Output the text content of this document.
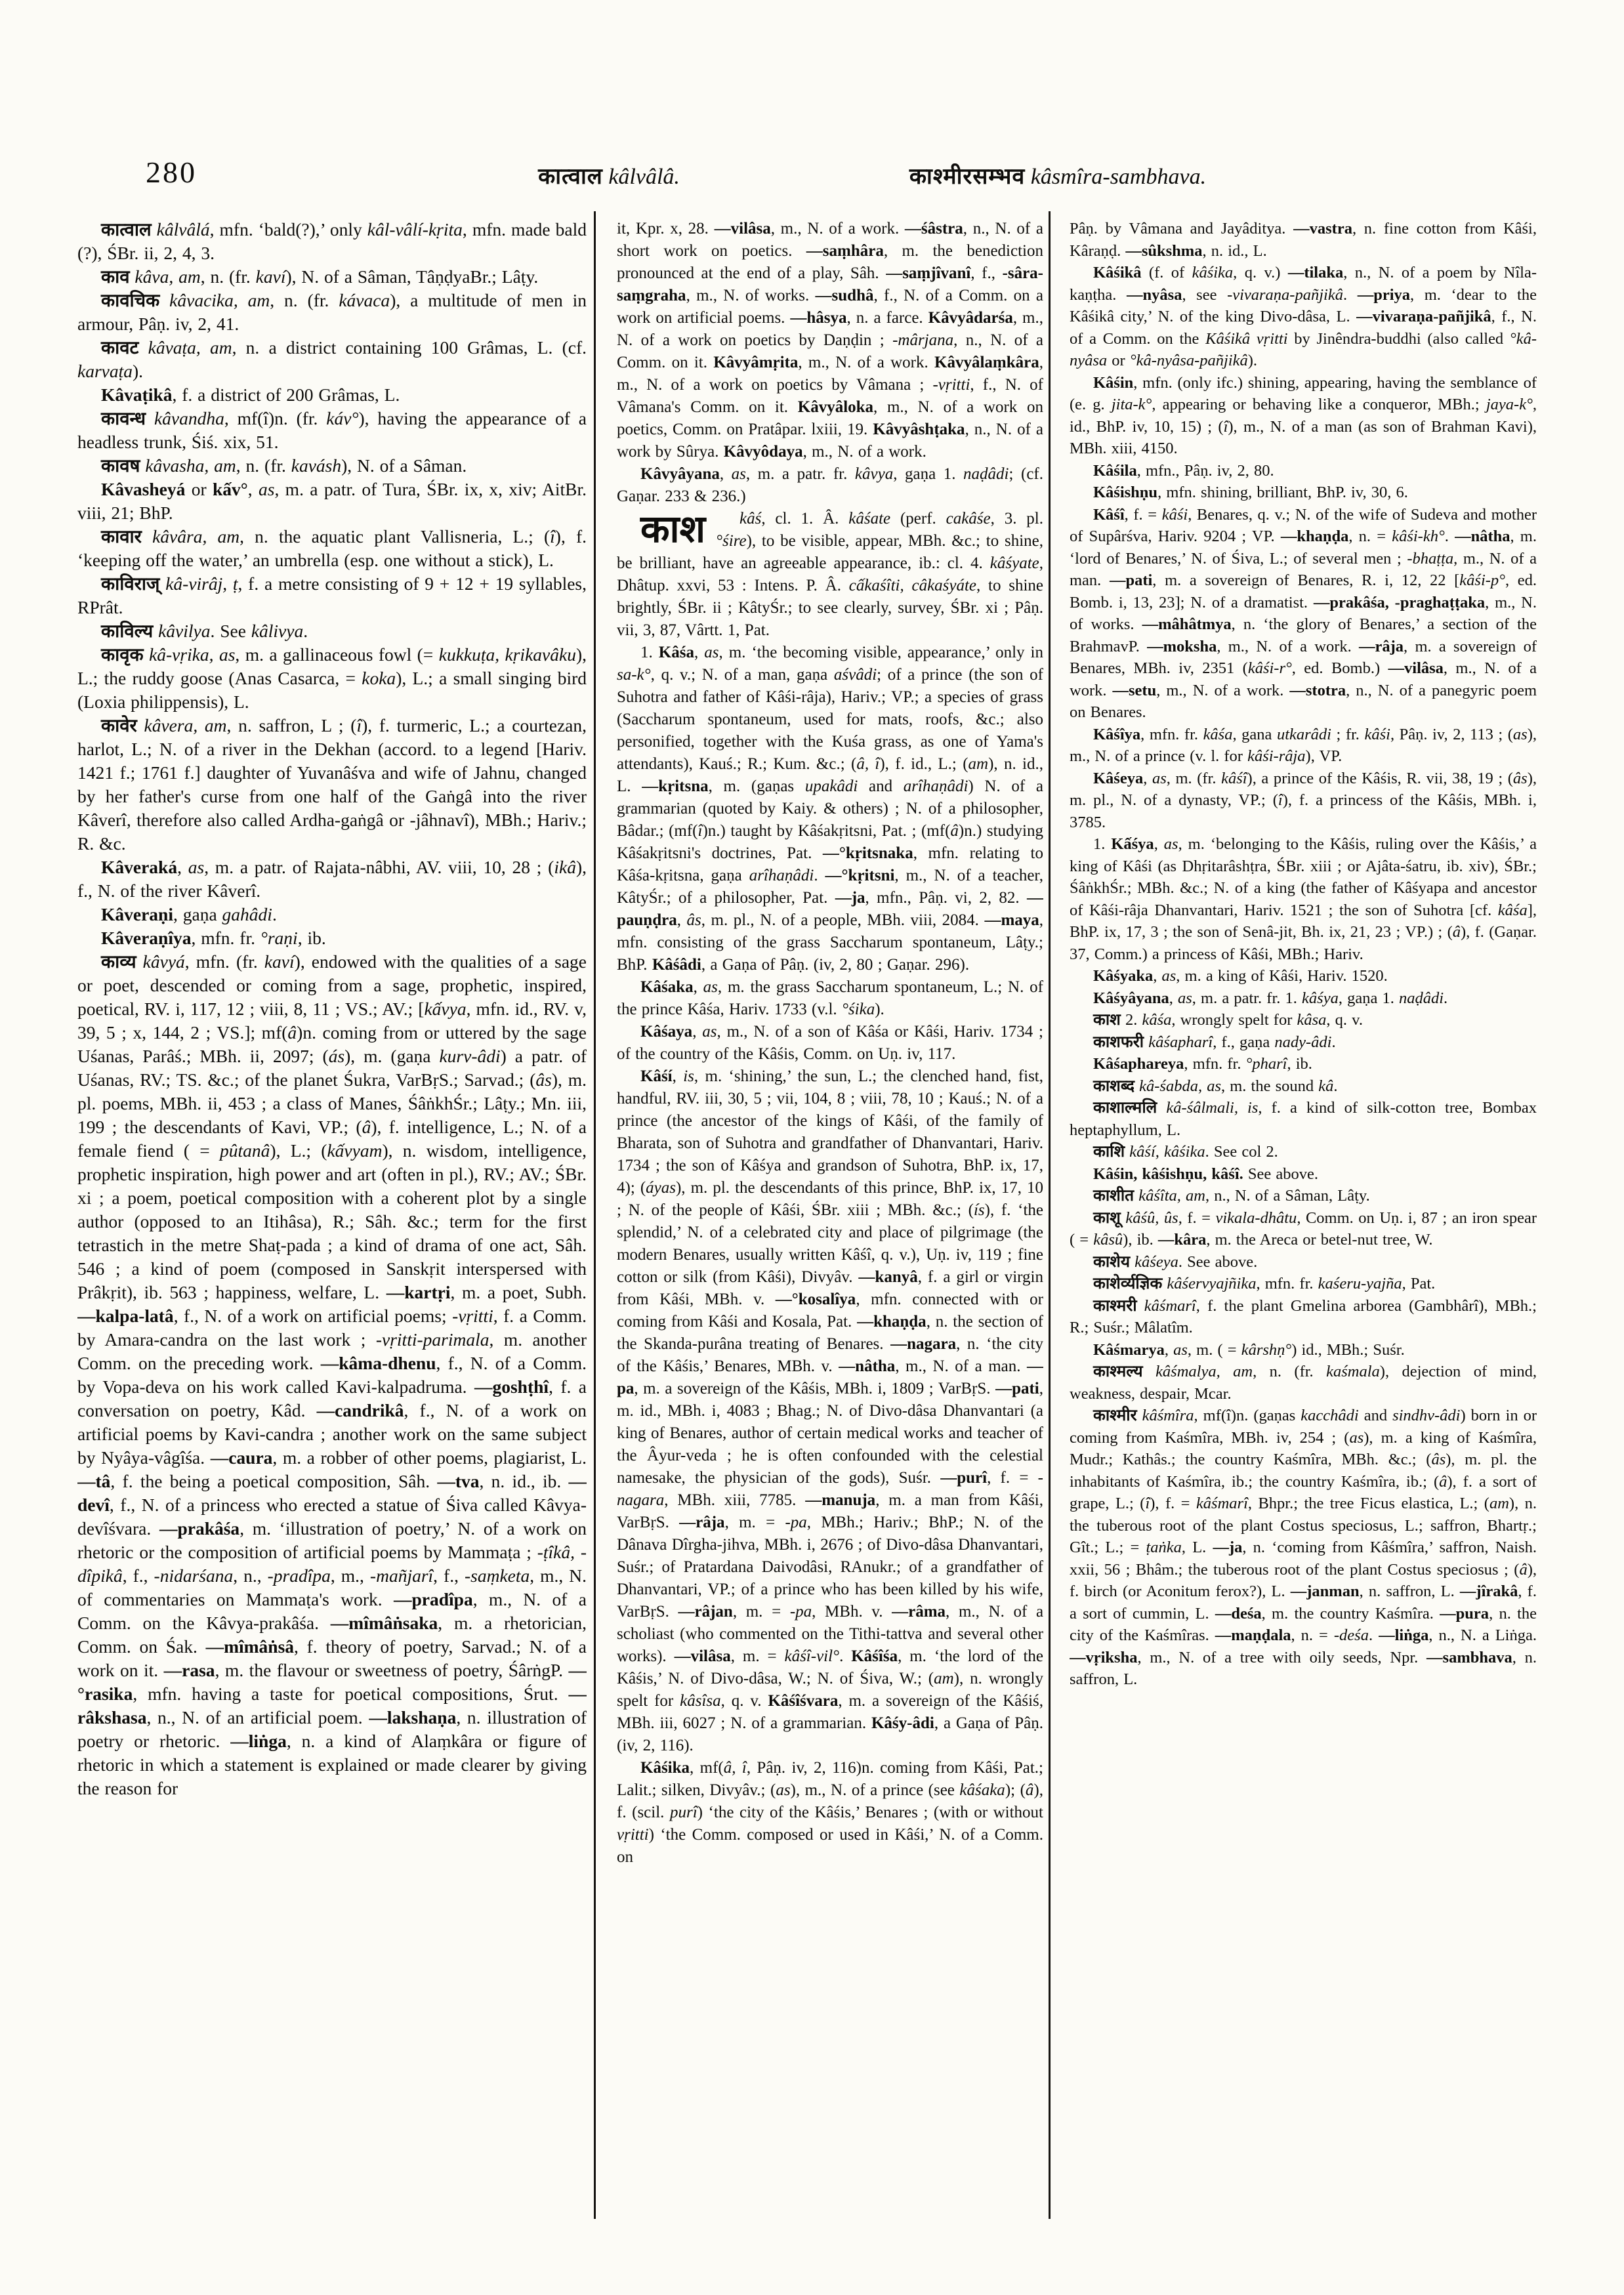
280	कात्वाल kâlvâlâ.	काश्मीरसम्भव kâsmîra-sambhava.

कात्वाल kâlvâlá, mfn. ‘bald(?),’ only kâl-vâlí-kṛita, mfn. made bald (?), ŚBr. ii, 2, 4, 3.

काव kâva, am, n. (fr. kaví), N. of a Sâman, TâṇḍyaBr.; Lâṭy.

कावचिक kâvacika, am, n. (fr. kávaca), a multitude of men in armour, Pâṇ. iv, 2, 41.

कावट kâvaṭa, am, n. a district containing 100 Grâmas, L. (cf. karvaṭa).

Kâvaṭikâ, f. a district of 200 Grâmas, L.

कावन्ध kâvandha, mf(î)n. (fr. káv°), having the appearance of a headless trunk, Śiś. xix, 51.

कावष kâvasha, am, n. (fr. kavásh), N. of a Sâman.

Kâvasheyá or kấv°, as, m. a patr. of Tura, ŚBr. ix, x, xiv; AitBr. viii, 21; BhP.

कावार kâvâra, am, n. the aquatic plant Vallisneria, L.; (î), f. ‘keeping off the water,’ an umbrella (esp. one without a stick), L.

काविराज् kâ-virâj, ṭ, f. a metre consisting of 9 + 12 + 19 syllables, RPrât.

काविल्य kâvilya. See kâlivya.

कावृक kâ-vṛika, as, m. a gallinaceous fowl (= kukkuṭa, kṛikavâku), L.; the ruddy goose (Anas Casarca, = koka), L.; a small singing bird (Loxia philippensis), L.

कावेर kâvera, am, n. saffron, L ; (î), f. turmeric, L.; a courtezan, harlot, L.; N. of a river in the Dekhan (accord. to a legend [Hariv. 1421 f.; 1761 f.] daughter of Yuvanâśva and wife of Jahnu, changed by her father's curse from one half of the Gaṅgâ into the river Kâverî, therefore also called Ardha-gaṅgâ or -jâhnavî), MBh.; Hariv.; R. &c.

Kâveraká, as, m. a patr. of Rajata-nâbhi, AV. viii, 10, 28 ; (ikâ), f., N. of the river Kâverî.

Kâveraṇi, gaṇa gahâdi.

Kâveraṇîya, mfn. fr. °raṇi, ib.

काव्य kâvyá, mfn. (fr. kaví), endowed with the qualities of a sage or poet, descended or coming from a sage, prophetic, inspired, poetical, RV. i, 117, 12 ; viii, 8, 11 ; VS.; AV.; [kấvya, mfn. id., RV. v, 39, 5 ; x, 144, 2 ; VS.]; mf(â)n. coming from or uttered by the sage Uśanas, Parâś.; MBh. ii, 2097; (ás), m. (gaṇa kurv-âdi) a patr. of Uśanas, RV.; TS. &c.; of the planet Śukra, VarBṛS.; Sarvad.; (âs), m. pl. poems, MBh. ii, 453 ; a class of Manes, ŚâṅkhŚr.; Lâṭy.; Mn. iii, 199 ; the descendants of Kavi, VP.; (â), f. intelligence, L.; N. of a female fiend ( = pûtanâ), L.; (kấvyam), n. wisdom, intelligence, prophetic inspiration, high power and art (often in pl.), RV.; AV.; ŚBr. xi ; a poem, poetical composition with a coherent plot by a single author (opposed to an Itihâsa), R.; Sâh. &c.; term for the first tetrastich in the metre Shaṭ-pada ; a kind of drama of one act, Sâh. 546 ; a kind of poem (composed in Sanskṛit interspersed with Prâkṛit), ib. 563 ; happiness, welfare, L. —kartṛi, m. a poet, Subh. —kalpa-latâ, f., N. of a work on artificial poems; -vṛitti, f. a Comm. by Amara-candra on the last work ; -vṛitti-parimala, m. another Comm. on the preceding work. —kâma-dhenu, f., N. of a Comm. by Vopa-deva on his work called Kavi-kalpadruma. —goshṭhî, f. a conversation on poetry, Kâd. —candrikâ, f., N. of a work on artificial poems by Kavi-candra ; another work on the same subject by Nyâya-vâgîśa. —caura, m. a robber of other poems, plagiarist, L. —tâ, f. the being a poetical composition, Sâh. —tva, n. id., ib. —devî, f., N. of a princess who erected a statue of Śiva called Kâvya-devîśvara. —prakâśa, m. ‘illustration of poetry,’ N. of a work on rhetoric or the composition of artificial poems by Mammaṭa ; -ṭîkâ, -dîpikâ, f., -nidarśana, n., -pradîpa, m., -mañjarî, f., -saṃketa, m., N. of commentaries on Mammaṭa's work. —pradîpa, m., N. of a Comm. on the Kâvya-prakâśa. —mîmâṅsaka, m. a rhetorician, Comm. on Śak. —mîmâṅsâ, f. theory of poetry, Sarvad.; N. of a work on it. —rasa, m. the flavour or sweetness of poetry, ŚârṅgP. —°rasika, mfn. having a taste for poetical compositions, Śrut. —râkshasa, n., N. of an artificial poem. —lakshaṇa, n. illustration of poetry or rhetoric. —liṅga, n. a kind of Alaṃkâra or figure of rhetoric in which a statement is explained or made clearer by giving the reason for

it, Kpr. x, 28. —vilâsa, m., N. of a work. —śâstra, n., N. of a short work on poetics. —saṃhâra, m. the benediction pronounced at the end of a play, Sâh. —saṃjîvanî, f., -sâra-saṃgraha, m., N. of works. —sudhâ, f., N. of a Comm. on a work on artificial poems. —hâsya, n. a farce. Kâvyâdarśa, m., N. of a work on poetics by Daṇḍin ; -mârjana, n., N. of a Comm. on it. Kâvyâmṛita, m., N. of a work. Kâvyâlaṃkâra, m., N. of a work on poetics by Vâmana ; -vṛitti, f., N. of Vâmana's Comm. on it. Kâvyâloka, m., N. of a work on poetics, Comm. on Pratâpar. lxiii, 19. Kâvyâshṭaka, n., N. of a work by Sûrya. Kâvyôdaya, m., N. of a work.

Kâvyâyana, as, m. a patr. fr. kâvya, gaṇa 1. naḍâdi; (cf. Gaṇar. 233 & 236.)

काश	kâś, cl. 1. Â. kâśate (perf. cakâśe, 3. pl. °śire), to be visible, appear, MBh. &c.; to shine, be brilliant, have an agreeable appearance, ib.: cl. 4. kâśyate, Dhâtup. xxvi, 53 : Intens. P. Â. cấkaśîti, câkaśyáte, to shine brightly, ŚBr. ii ; KâtyŚr.; to see clearly, survey, ŚBr. xi ; Pâṇ. vii, 3, 87, Vârtt. 1, Pat.

1. Kâśa, as, m. ‘the becoming visible, appearance,’ only in sa-k°, q. v.; N. of a man, gaṇa aśvâdi; of a prince (the son of Suhotra and father of Kâśi-râja), Hariv.; VP.; a species of grass (Saccharum spontaneum, used for mats, roofs, &c.; also personified, together with the Kuśa grass, as one of Yama's attendants), Kauś.; R.; Kum. &c.; (â, î), f. id., L.; (am), n. id., L. —kṛitsna, m. (gaṇas upakâdi and arîhaṇâdi) N. of a grammarian (quoted by Kaiy. & others) ; N. of a philosopher, Bâdar.; (mf(î)n.) taught by Kâśakṛitsni, Pat. ; (mf(â)n.) studying Kâśakṛitsni's doctrines, Pat. —°kṛitsnaka, mfn. relating to Kâśa-kṛitsna, gaṇa arîhaṇâdi. —°kṛitsni, m., N. of a teacher, KâtyŚr.; of a philosopher, Pat. —ja, mfn., Pâṇ. vi, 2, 82. —pauṇḍra, âs, m. pl., N. of a people, MBh. viii, 2084. —maya, mfn. consisting of the grass Saccharum spontaneum, Lâṭy.; BhP. Kâśâdi, a Gaṇa of Pâṇ. (iv, 2, 80 ; Gaṇar. 296).

Kâśaka, as, m. the grass Saccharum spontaneum, L.; N. of the prince Kâśa, Hariv. 1733 (v.l. °śika).

Kâśaya, as, m., N. of a son of Kâśa or Kâśi, Hariv. 1734 ; of the country of the Kâśis, Comm. on Uṇ. iv, 117.

Kâśí, is, m. ‘shining,’ the sun, L.; the clenched hand, fist, handful, RV. iii, 30, 5 ; vii, 104, 8 ; viii, 78, 10 ; Kauś.; N. of a prince (the ancestor of the kings of Kâśi, of the family of Bharata, son of Suhotra and grandfather of Dhanvantari, Hariv. 1734 ; the son of Kâśya and grandson of Suhotra, BhP. ix, 17, 4); (áyas), m. pl. the descendants of this prince, BhP. ix, 17, 10 ; N. of the people of Kâśi, ŚBr. xiii ; MBh. &c.; (ís), f. ‘the splendid,’ N. of a celebrated city and place of pilgrimage (the modern Benares, usually written Kâśî, q. v.), Uṇ. iv, 119 ; fine cotton or silk (from Kâśi), Divyâv. —kanyâ, f. a girl or virgin from Kâśi, MBh. v. —°kosalîya, mfn. connected with or coming from Kâśi and Kosala, Pat. —khaṇḍa, n. the section of the Skanda-purâna treating of Benares. —nagara, n. ‘the city of the Kâśis,’ Benares, MBh. v. —nâtha, m., N. of a man. —pa, m. a sovereign of the Kâśis, MBh. i, 1809 ; VarBṛS. —pati, m. id., MBh. i, 4083 ; Bhag.; N. of Divo-dâsa Dhanvantari (a king of Benares, author of certain medical works and teacher of the Âyur-veda ; he is often confounded with the celestial namesake, the physician of the gods), Suśr. —purî, f. = -nagara, MBh. xiii, 7785. —manuja, m. a man from Kâśi, VarBṛS. —râja, m. = -pa, MBh.; Hariv.; BhP.; N. of the Dânava Dîrgha-jihva, MBh. i, 2676 ; of Divo-dâsa Dhanvantari, Suśr.; of Pratardana Daivodâsi, RAnukr.; of a grandfather of Dhanvantari, VP.; of a prince who has been killed by his wife, VarBṛS. —râjan, m. = -pa, MBh. v. —râma, m., N. of a scholiast (who commented on the Tithi-tattva and several other works). —vilâsa, m. = kâśî-vil°. Kâśîśa, m. ‘the lord of the Kâśis,’ N. of Divo-dâsa, W.; N. of Śiva, W.; (am), n. wrongly spelt for kâsîsa, q. v. Kâśîśvara, m. a sovereign of the Kâśiś, MBh. iii, 6027 ; N. of a grammarian. Kâśy-âdi, a Gaṇa of Pâṇ. (iv, 2, 116).

Kâśika, mf(â, î, Pâṇ. iv, 2, 116)n. coming from Kâśi, Pat.; Lalit.; silken, Divyâv.; (as), m., N. of a prince (see kâśaka); (â), f. (scil. purî) ‘the city of the Kâśis,’ Benares ; (with or without vṛitti) ‘the Comm. composed or used in Kâśi,’ N. of a Comm. on

Pâṇ. by Vâmana and Jayâditya. —vastra, n. fine cotton from Kâśi, Kâraṇḍ. —sûkshma, n. id., L.

Kâśikâ (f. of kâśika, q. v.) —tilaka, n., N. of a poem by Nîla-kaṇṭha. —nyâsa, see -vivaraṇa-pañjikâ. —priya, m. ‘dear to the Kâśikâ city,’ N. of the king Divo-dâsa, L. —vivaraṇa-pañjikâ, f., N. of a Comm. on the Kâśikâ vṛitti by Jinêndra-buddhi (also called °kâ-nyâsa or °kâ-nyâsa-pañjikâ).

Kâśin, mfn. (only ifc.) shining, appearing, having the semblance of (e. g. jita-k°, appearing or behaving like a conqueror, MBh.; jaya-k°, id., BhP. iv, 10, 15) ; (î), m., N. of a man (as son of Brahman Kavi), MBh. xiii, 4150.

Kâśila, mfn., Pâṇ. iv, 2, 80.

Kâśishṇu, mfn. shining, brilliant, BhP. iv, 30, 6.

Kâśî, f. = kâśi, Benares, q. v.; N. of the wife of Sudeva and mother of Supârśva, Hariv. 9204 ; VP. —khaṇḍa, n. = kâśi-kh°. —nâtha, m. ‘lord of Benares,’ N. of Śiva, L.; of several men ; -bhaṭṭa, m., N. of a man. —pati, m. a sovereign of Benares, R. i, 12, 22 [kâśi-p°, ed. Bomb. i, 13, 23]; N. of a dramatist. —prakâśa, -praghaṭṭaka, m., N. of works. —mâhâtmya, n. ‘the glory of Benares,’ a section of the BrahmavP. —moksha, m., N. of a work. —râja, m. a sovereign of Benares, MBh. iv, 2351 (kâśi-r°, ed. Bomb.) —vilâsa, m., N. of a work. —setu, m., N. of a work. —stotra, n., N. of a panegyric poem on Benares.

Kâśîya, mfn. fr. kâśa, gana utkarâdi ; fr. kâśi, Pâṇ. iv, 2, 113 ; (as), m., N. of a prince (v. l. for kâśi-râja), VP.

Kâśeya, as, m. (fr. kâśî), a prince of the Kâśis, R. vii, 38, 19 ; (âs), m. pl., N. of a dynasty, VP.; (î), f. a princess of the Kâśis, MBh. i, 3785.

1. Kấśya, as, m. ‘belonging to the Kâśis, ruling over the Kâśis,’ a king of Kâśi (as Dhṛitarâshṭra, ŚBr. xiii ; or Ajâta-śatru, ib. xiv), ŚBr.; ŚâṅkhŚr.; MBh. &c.; N. of a king (the father of Kâśyapa and ancestor of Kâśi-râja Dhanvantari, Hariv. 1521 ; the son of Suhotra [cf. kâśa], BhP. ix, 17, 3 ; the son of Senâ-jit, Bh. ix, 21, 23 ; VP.) ; (â), f. (Gaṇar. 37, Comm.) a princess of Kâśi, MBh.; Hariv.

Kâśyaka, as, m. a king of Kâśi, Hariv. 1520.

Kâśyâyana, as, m. a patr. fr. 1. kâśya, gaṇa 1. naḍâdi.

काश 2. kâśa, wrongly spelt for kâsa, q. v.

काशफरी kâśapharî, f., gaṇa nady-âdi.

Kâśaphareya, mfn. fr. °pharî, ib.

काशब्द kâ-śabda, as, m. the sound kâ.

काशाल्मलि kâ-śâlmali, is, f. a kind of silk-cotton tree, Bombax heptaphyllum, L.

काशि kâśí, kâśika. See col 2.

Kâśin, kâśishṇu, kâśî. See above.

काशीत kâśîta, am, n., N. of a Sâman, Lâṭy.

काशू kâśû, ûs, f. = vikala-dhâtu, Comm. on Uṇ. i, 87 ; an iron spear ( = kâsû), ib. —kâra, m. the Areca or betel-nut tree, W.

काशेय kâśeya. See above.

काशेर्व्यज्ञिक kâśervyajñika, mfn. fr. kaśeru-yajña, Pat.

काश्मरी kâśmarî, f. the plant Gmelina arborea (Gambhârî), MBh.; R.; Suśr.; Mâlatîm.

Kâśmarya, as, m. ( = kârshṇ°) id., MBh.; Suśr.

काश्मल्य kâśmalya, am, n. (fr. kaśmala), dejection of mind, weakness, despair, Mcar.

काश्मीर kâśmîra, mf(î)n. (gaṇas kacchâdi and sindhv-âdi) born in or coming from Kaśmîra, MBh. iv, 254 ; (as), m. a king of Kaśmîra, Mudr.; Kathâs.; the country Kaśmîra, MBh. &c.; (âs), m. pl. the inhabitants of Kaśmîra, ib.; the country Kaśmîra, ib.; (â), f. a sort of grape, L.; (î), f. = kâśmarî, Bhpr.; the tree Ficus elastica, L.; (am), n. the tuberous root of the plant Costus speciosus, L.; saffron, Bhartṛ.; Gît.; L.; = ṭaṅka, L. —ja, n. ‘coming from Kâśmîra,’ saffron, Naish. xxii, 56 ; Bhâm.; the tuberous root of the plant Costus speciosus ; (â), f. birch (or Aconitum ferox?), L. —janman, n. saffron, L. —jîrakâ, f. a sort of cummin, L. —deśa, m. the country Kaśmîra. —pura, n. the city of the Kaśmîras. —maṇḍala, n. = -deśa. —liṅga, n., N. a Liṅga. —vṛiksha, m., N. of a tree with oily seeds, Npr. —sambhava, n. saffron, L.
